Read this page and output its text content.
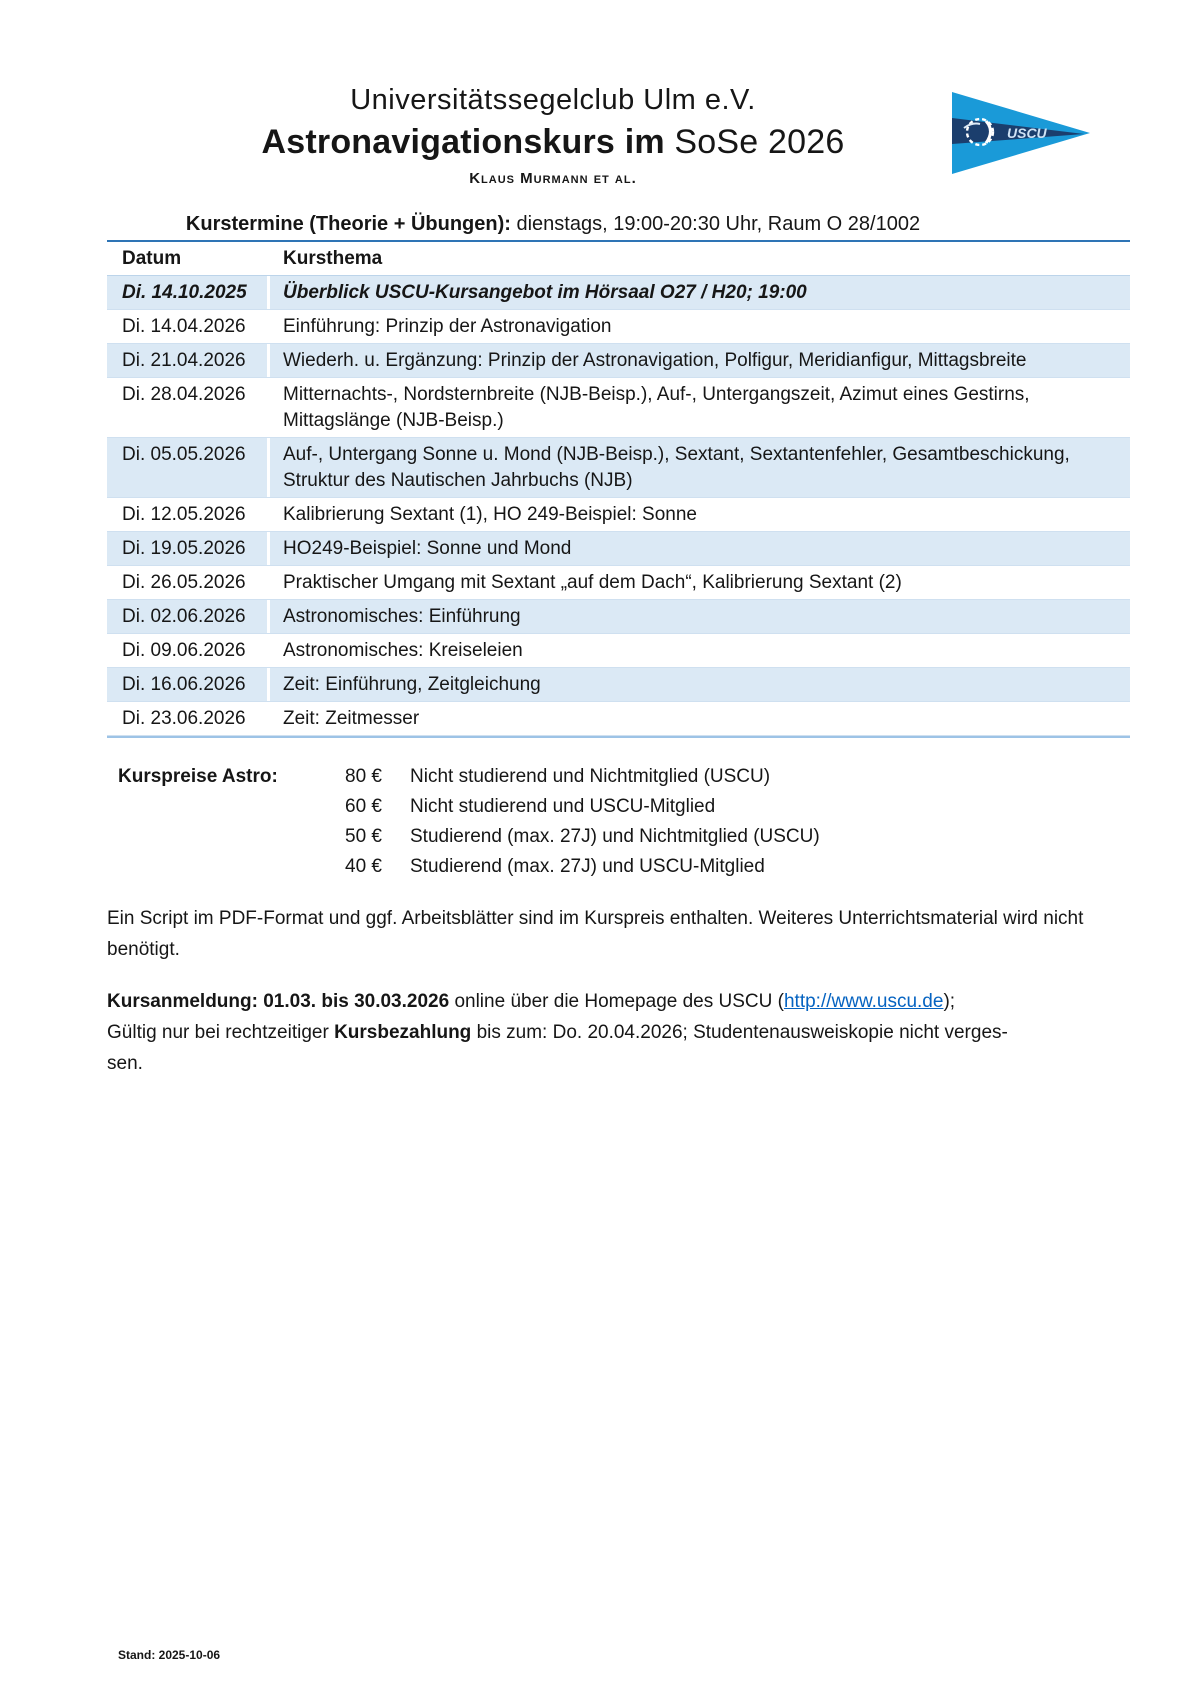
Universitätssegelclub Ulm e.V.
Astronavigationskurs im SoSe 2026
Klaus Murmann et al.
USCU
Kurstermine (Theorie + Übungen): dienstags, 19:00-20:30 Uhr, Raum O 28/1002
Datum	Kursthema
Di. 14.10.2025	Überblick USCU-Kursangebot im Hörsaal O27 / H20; 19:00
Di. 14.04.2026	Einführung: Prinzip der Astronavigation
Di. 21.04.2026	Wiederh. u. Ergänzung: Prinzip der Astronavigation, Polfigur, Meridianfigur, Mittagsbreite
Di. 28.04.2026	Mitternachts-, Nordsternbreite (NJB-Beisp.), Auf-, Untergangszeit, Azimut eines Gestirns, Mittagslänge (NJB-Beisp.)
Di. 05.05.2026	Auf-, Untergang Sonne u. Mond (NJB-Beisp.), Sextant, Sextantenfehler, Gesamtbeschickung, Struktur des Nautischen Jahrbuchs (NJB)
Di. 12.05.2026	Kalibrierung Sextant (1), HO 249-Beispiel: Sonne
Di. 19.05.2026	HO249-Beispiel: Sonne und Mond
Di. 26.05.2026	Praktischer Umgang mit Sextant „auf dem Dach“, Kalibrierung Sextant (2)
Di. 02.06.2026	Astronomisches: Einführung
Di. 09.06.2026	Astronomisches: Kreiseleien
Di. 16.06.2026	Zeit: Einführung, Zeitgleichung
Di. 23.06.2026	Zeit: Zeitmesser
Kurspreise Astro:	80 €	Nicht studierend und Nichtmitglied (USCU)
60 €	Nicht studierend und USCU-Mitglied
50 €	Studierend (max. 27J) und Nichtmitglied (USCU)
40 €	Studierend (max. 27J) und USCU-Mitglied
Ein Script im PDF-Format und ggf. Arbeitsblätter sind im Kurspreis enthalten. Weiteres Unterrichtsmaterial wird nicht benötigt.
Kursanmeldung: 01.03. bis 30.03.2026 online über die Homepage des USCU (http://www.uscu.de);
Gültig nur bei rechtzeitiger Kursbezahlung bis zum: Do. 20.04.2026; Studentenausweiskopie nicht verges-
sen.
Stand: 2025-10-06
